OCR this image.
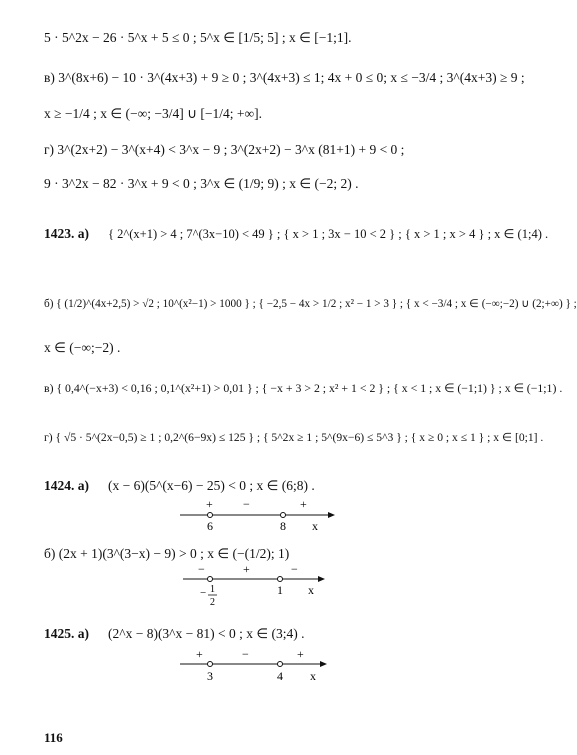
5 · 5^2x − 26 · 5^x + 5 ≤ 0 ; 5^x ∈ [1/5; 5] ; x ∈ [−1;1].
в) 3^(8x+6) − 10 · 3^(4x+3) + 9 ≥ 0 ; 3^(4x+3) ≤ 1; 4x + 0 ≤ 0; x ≤ −3/4 ; 3^(4x+3) ≥ 9 ;
x ≥ −1/4 ; x ∈ (−∞; −3/4] ∪ [−1/4; +∞].
г) 3^(2x+2) − 3^(x+4) < 3^x − 9 ; 3^(2x+2) − 3^x (81+1) + 9 < 0 ;
9 · 3^2x − 82 · 3^x + 9 < 0 ; 3^x ∈ (1/9; 9) ; x ∈ (−2; 2) .
1423. а) { 2^(x+1) > 4 ; 7^(3x−10) < 49 } ; { x > 1 ; 3x − 10 < 2 } ; { x > 1 ; x > 4 } ; x ∈ (1;4) .
б) { (1/2)^(4x+2,5) > √2 ; 10^(x²−1) > 1000 } ; { −2,5 − 4x > 1/2 ; x² − 1 > 3 } ; { x < −3/4 ; x ∈ (−∞;−2) ∪ (2;+∞) } ;
x ∈ (−∞;−2) .
в) { 0,4^(−x+3) < 0,16 ; 0,1^(x²+1) > 0,01 } ; { −x + 3 > 2 ; x² + 1 < 2 } ; { x < 1 ; x ∈ (−1;1) } ; x ∈ (−1;1) .
г) { √5 · 5^(2x−0,5) ≥ 1 ; 0,2^(6−9x) ≤ 125 } ; { 5^2x ≥ 1 ; 5^(9x−6) ≤ 5^3 } ; { x ≥ 0 ; x ≤ 1 } ; x ∈ [0;1] .
1424. а) (x − 6)(5^(x−6) − 25) < 0 ; x ∈ (6;8) .
+	−	+
6	8 x
б) (2x + 1)(3^(3−x) − 9) > 0 ; x ∈ (−(1/2); 1)
−	+	−
− 1
2
1 x
1425. а) (2^x − 8)(3^x − 81) < 0 ; x ∈ (3;4) .
+	−	+
3	4 x
116
